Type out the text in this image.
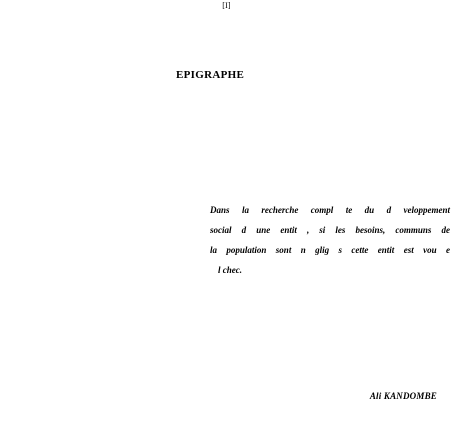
[I]
EPIGRAPHE
Dans la recherche compl te du d veloppement
social d une entit , si les besoins, communs de
la population sont n glig s cette entit est vou e
l chec.
Ali KANDOMBE
